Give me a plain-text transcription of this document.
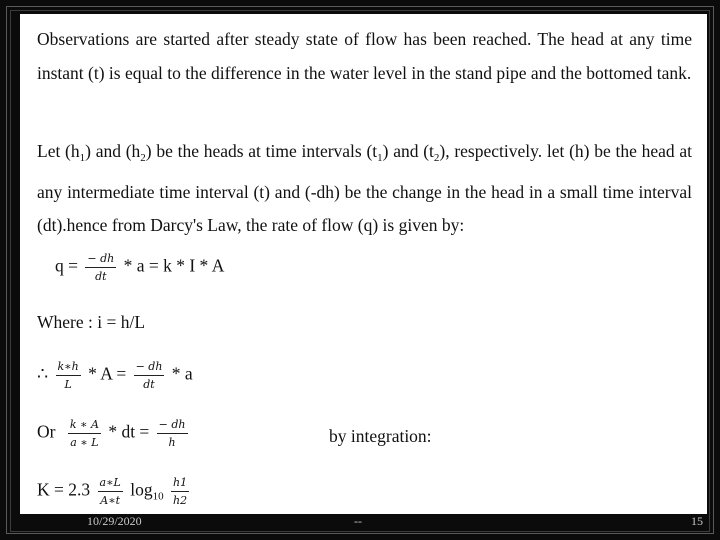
Observations are started after steady state of flow has been reached. The head at any time instant (t) is equal to the difference in the water level in the stand pipe and the bottomed tank.
Let $(h_1)$ and $(h_2)$ be the heads at time intervals $(t_1)$ and $(t_2)$, respectively. let (h) be the head at any intermediate time interval (t) and (-dh) be the change in the head in a small time interval (dt).hence from Darcy's Law, the rate of flow (q) is given by:
$q = \frac{- dh}{dt} * a = k * I * A$
Where : i = h/L
∴ $\frac{k∗h}{L} * A = \frac{- dh}{dt} * a$
Or $\frac{k ∗ A}{a ∗ L}$ * dt = $\frac{- dh}{h}$	by integration:
$K = 2.3 \frac{a∗L}{A∗t} \log_{10} \frac{h1}{h2}$
10/29/2020	--	15
